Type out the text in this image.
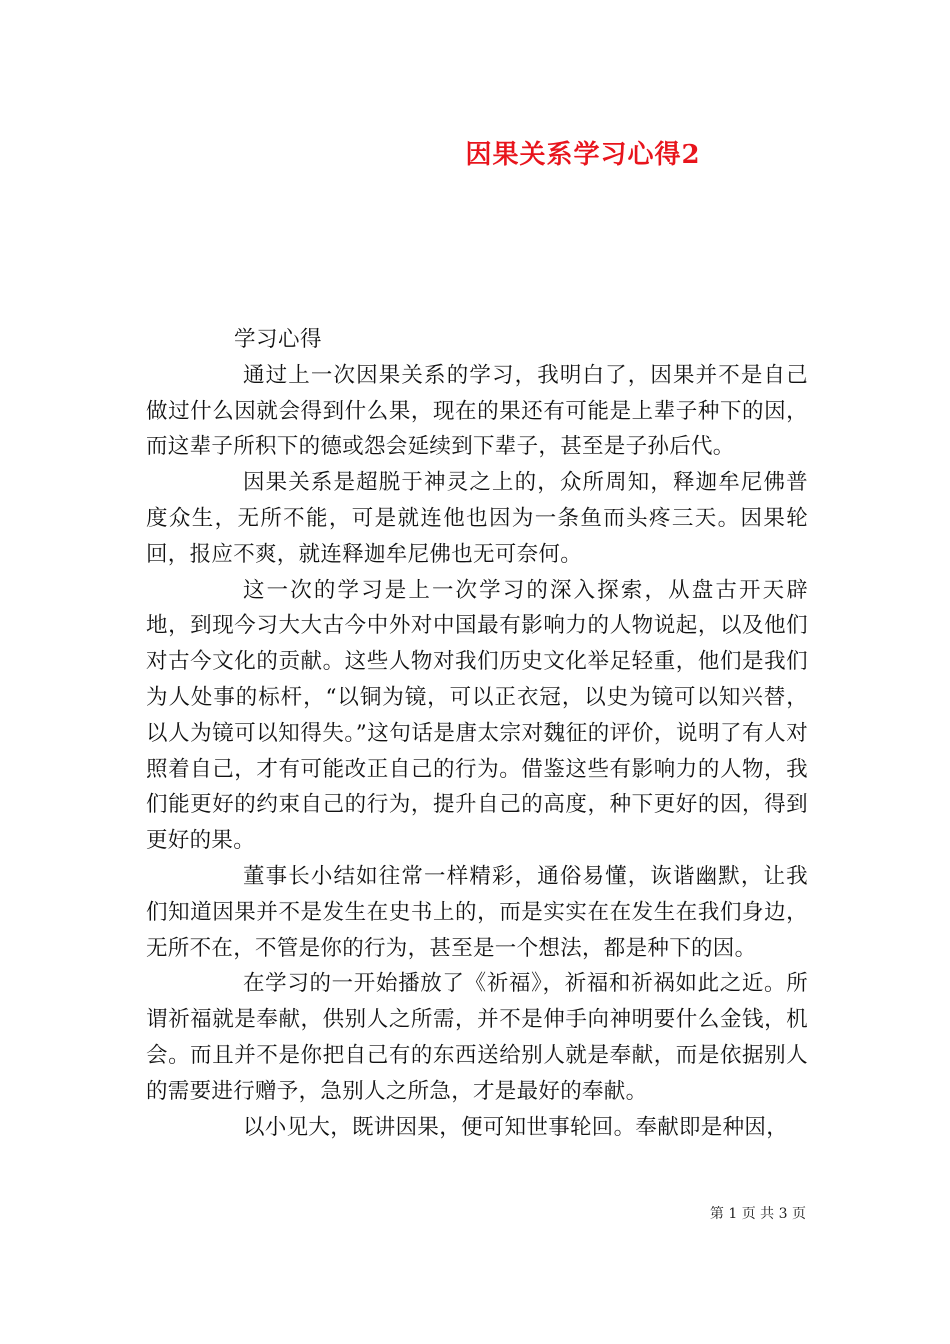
因果关系学习心得2

学习心得

通过上一次因果关系的学习，我明白了，因果并不是自己做过什么因就会得到什么果，现在的果还有可能是上辈子种下的因，而这辈子所积下的德或怨会延续到下辈子，甚至是子孙后代。

因果关系是超脱于神灵之上的，众所周知，释迦牟尼佛普度众生，无所不能，可是就连他也因为一条鱼而头疼三天。因果轮回，报应不爽，就连释迦牟尼佛也无可奈何。

这一次的学习是上一次学习的深入探索，从盘古开天辟地，到现今习大大古今中外对中国最有影响力的人物说起，以及他们对古今文化的贡献。这些人物对我们历史文化举足轻重，他们是我们为人处事的标杆，“以铜为镜，可以正衣冠，以史为镜可以知兴替，以人为镜可以知得失。”这句话是唐太宗对魏征的评价，说明了有人对照着自己，才有可能改正自己的行为。借鉴这些有影响力的人物，我们能更好的约束自己的行为，提升自己的高度，种下更好的因，得到更好的果。

董事长小结如往常一样精彩，通俗易懂，诙谐幽默，让我们知道因果并不是发生在史书上的，而是实实在在发生在我们身边，无所不在，不管是你的行为，甚至是一个想法，都是种下的因。

在学习的一开始播放了《祈福》，祈福和祈祸如此之近。所谓祈福就是奉献，供别人之所需，并不是伸手向神明要什么金钱，机会。而且并不是你把自己有的东西送给别人就是奉献，而是依据别人的需要进行赠予，急别人之所急，才是最好的奉献。

以小见大，既讲因果，便可知世事轮回。奉献即是种因，

第 1 页 共 3 页
